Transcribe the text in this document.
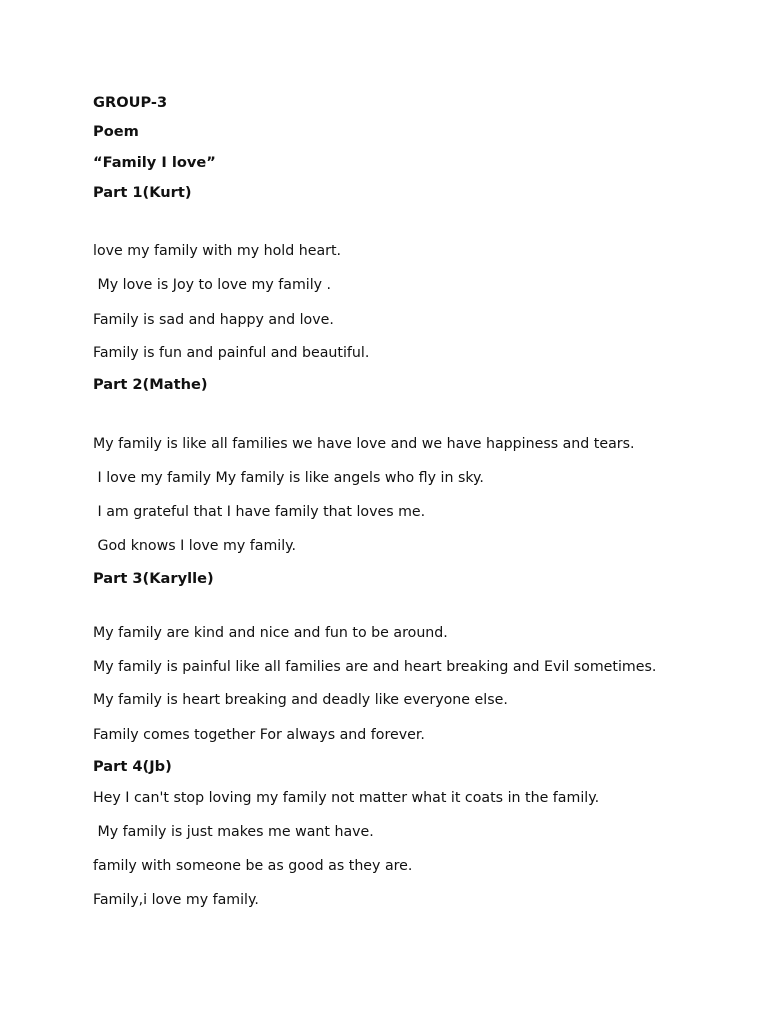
GROUP-3
Poem
“Family I love”
Part 1(Kurt)
love my family with my hold heart.
My love is Joy to love my family .
Family is sad and happy and love.
Family is fun and painful and beautiful.
Part 2(Mathe)
My family is like all families we have love and we have happiness and tears.
I love my family My family is like angels who fly in sky.
I am grateful that I have family that loves me.
God knows I love my family.
Part 3(Karylle)
My family are kind and nice and fun to be around.
My family is painful like all families are and heart breaking and Evil sometimes.
My family is heart breaking and deadly like everyone else.
Family comes together For always and forever.
Part 4(Jb)
Hey I can't stop loving my family not matter what it coats in the family.
My family is just makes me want have.
family with someone be as good as they are.
Family,i love my family.
